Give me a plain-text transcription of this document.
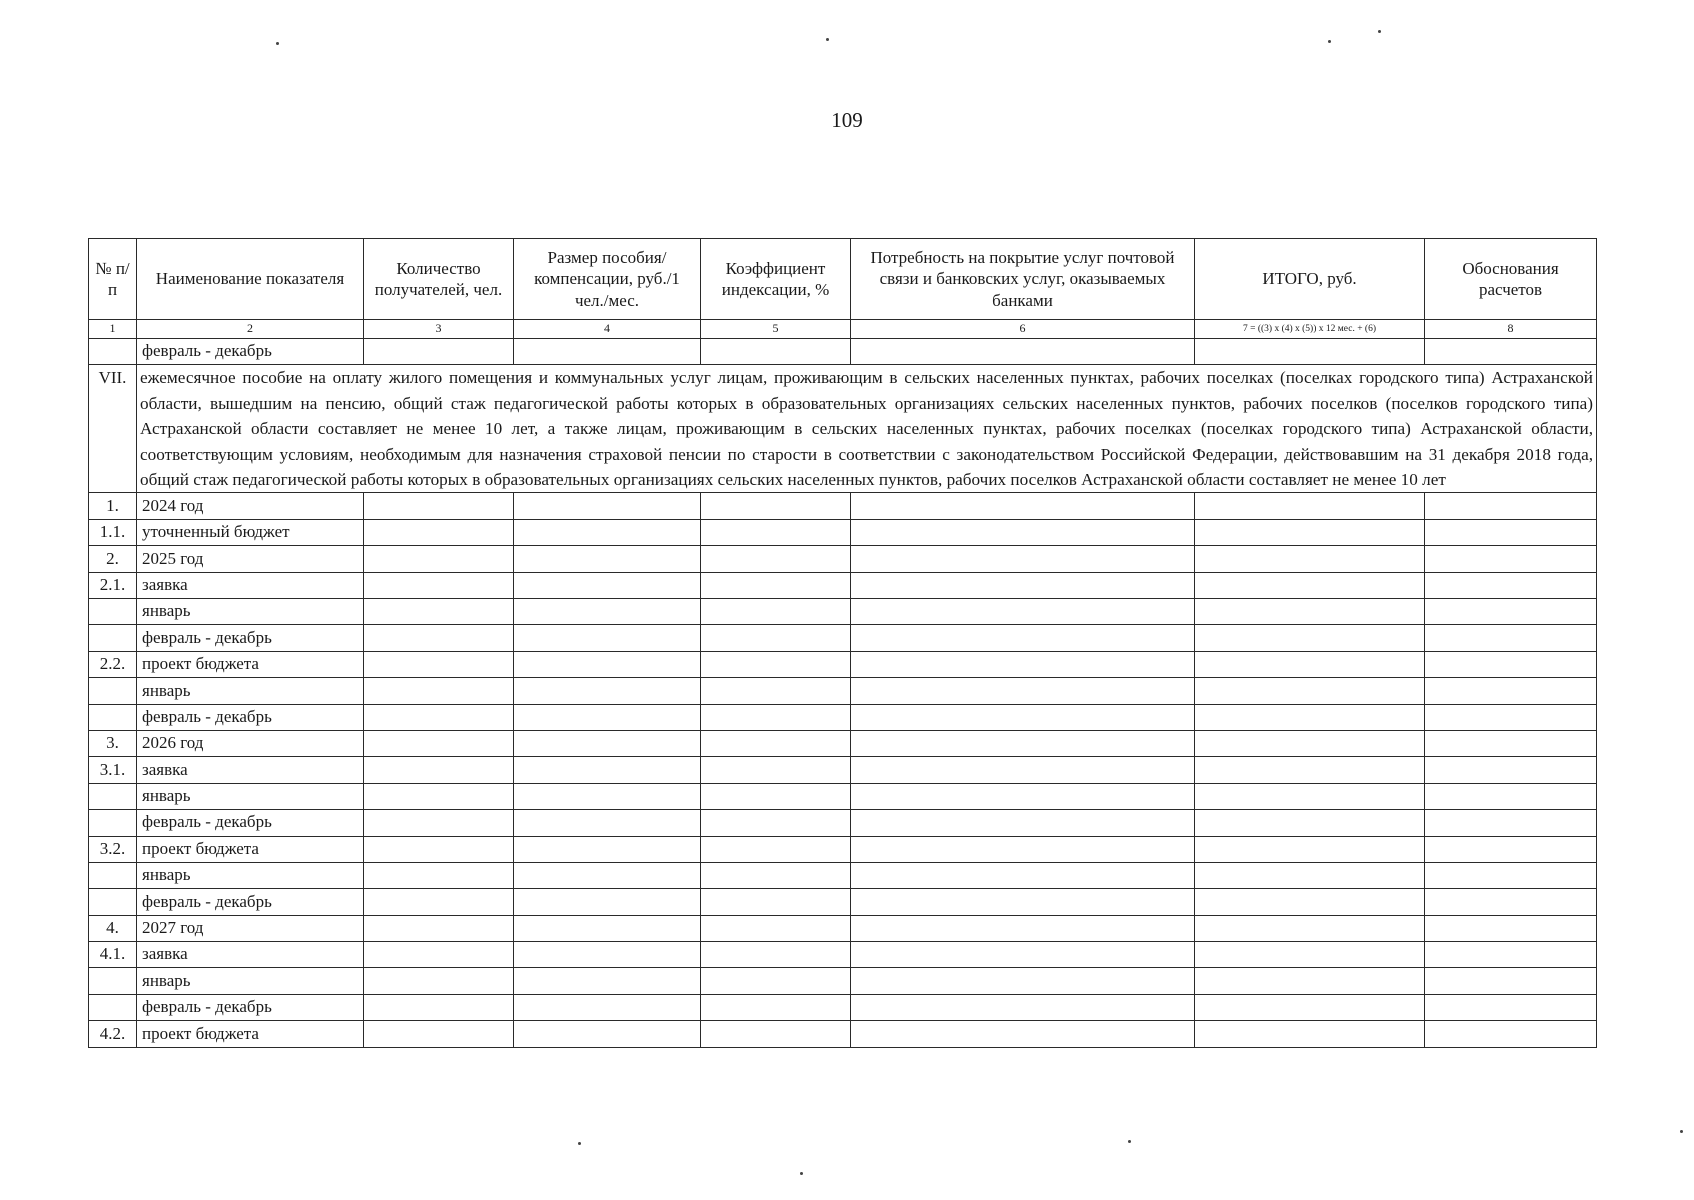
109
№ п/п	Наименование показателя	Количество получателей, чел.	Размер пособия/компенсации, руб./1 чел./мес.	Коэффициент индексации, %	Потребность на покрытие услуг почтовой связи и банковских услуг, оказываемых банками	ИТОГО, руб.	Обоснования расчетов
1	2	3	4	5	6	7 = ((3) x (4) x (5)) x 12 мес. + (6)	8
	февраль - декабрь						
VII.	ежемесячное пособие на оплату жилого помещения и коммунальных услуг лицам, проживающим в сельских населенных пунктах, рабочих поселках (поселках городского типа) Астраханской области, вышедшим на пенсию, общий стаж педагогической работы которых в образовательных организациях сельских населенных пунктов, рабочих поселков (поселков городского типа) Астраханской области составляет не менее 10 лет, а также лицам, проживающим в сельских населенных пунктах, рабочих поселках (поселках городского типа) Астраханской области, соответствующим условиям, необходимым для назначения страховой пенсии по старости в соответствии с законодательством Российской Федерации, действовавшим на 31 декабря 2018 года, общий стаж педагогической работы которых в образовательных организациях сельских населенных пунктов, рабочих поселков Астраханской области составляет не менее 10 лет						
1.	2024 год						
1.1.	уточненный бюджет						
2.	2025 год						
2.1.	заявка						
	январь						
	февраль - декабрь						
2.2.	проект бюджета						
	январь						
	февраль - декабрь						
3.	2026 год						
3.1.	заявка						
	январь						
	февраль - декабрь						
3.2.	проект бюджета						
	январь						
	февраль - декабрь						
4.	2027 год						
4.1.	заявка						
	январь						
	февраль - декабрь						
4.2.	проект бюджета						
